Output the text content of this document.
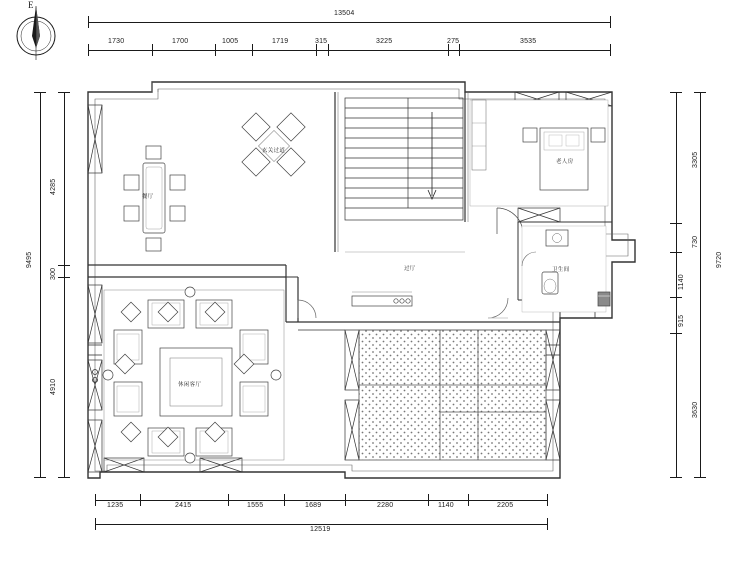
E
13504
1730	1700	1005	1719	315	3225	275	3535
9495
4285
300
4910
3305
730
1140
915
3630
9720
1235	2415	1555	1689	2280	1140	2205
12519
餐厅
玄关过道
过厅
老人房
卫生间
休闲客厅
